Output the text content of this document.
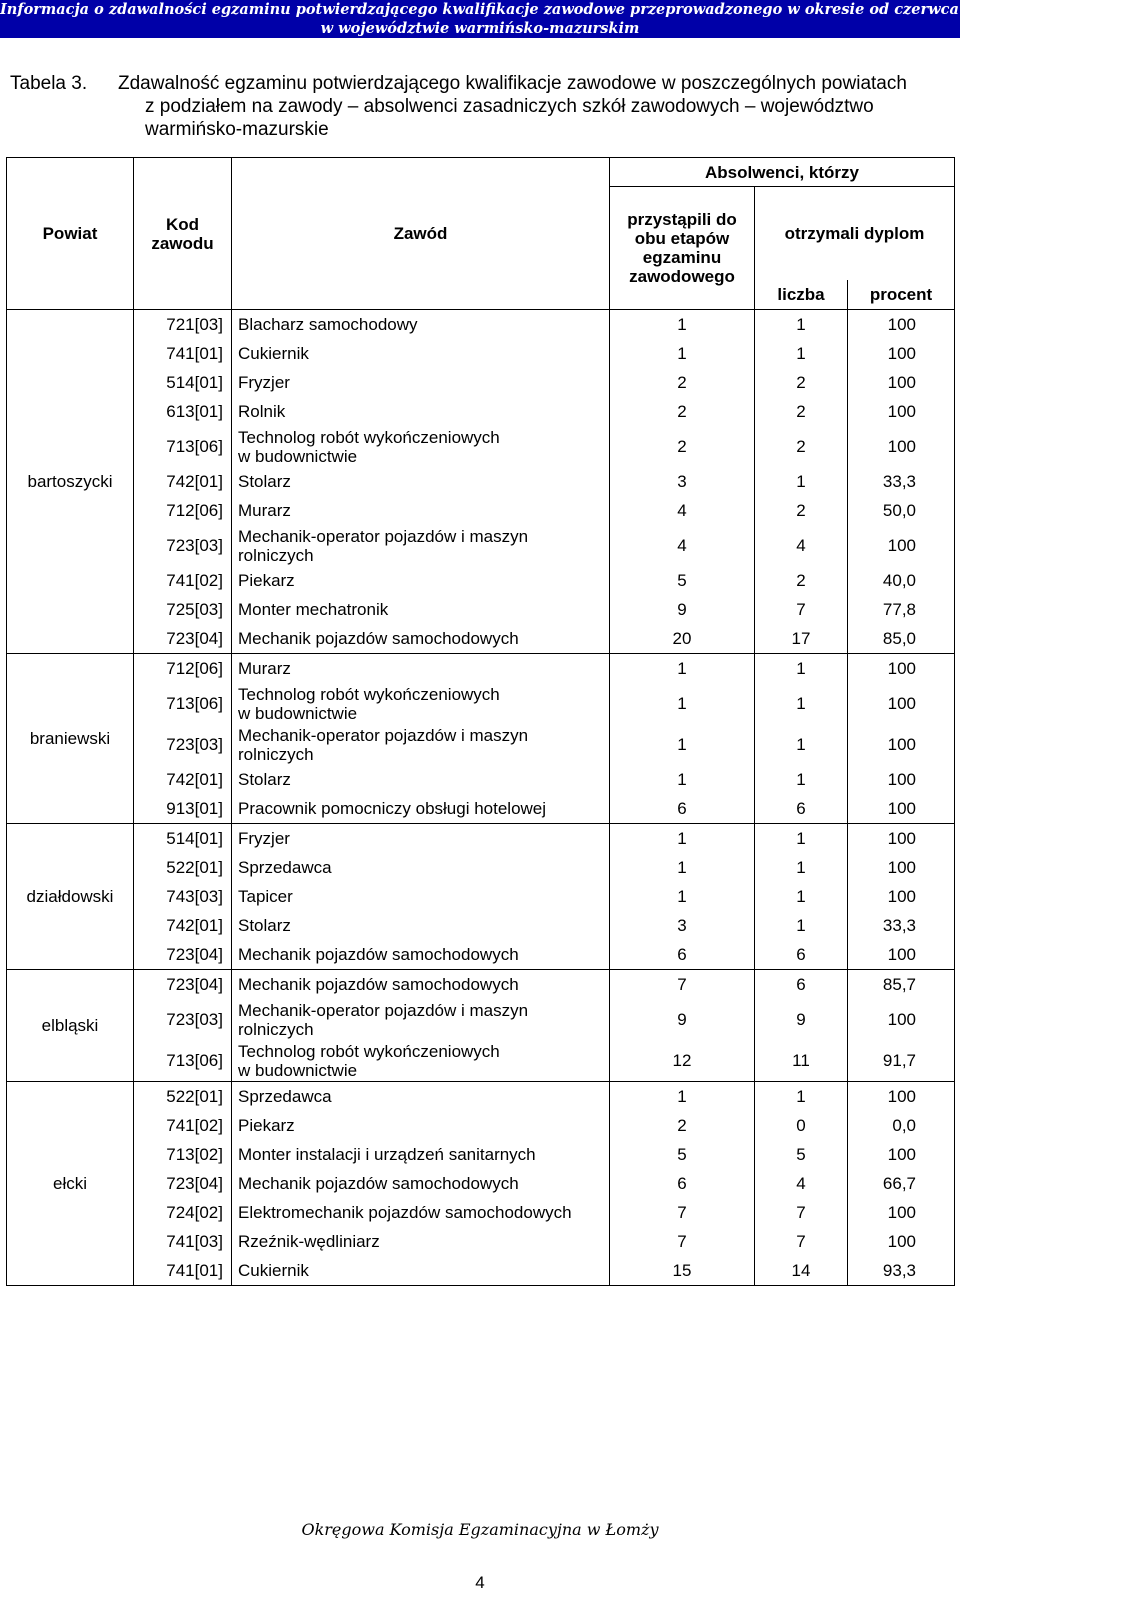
Informacja o zdawalności egzaminu potwierdzającego kwalifikacje zawodowe przeprowadzonego w okresie od czerwca do sierpnia 2014 roku
w województwie warmińsko-mazurskim
Tabela 3. Zdawalność egzaminu potwierdzającego kwalifikacje zawodowe w poszczególnych powiatach
z podziałem na zawody – absolwenci zasadniczych szkół zawodowych – województwo
warmińsko-mazurskie
Powiat	Kod zawodu	Zawód	Absolwenci, którzy		
			przystąpili do obu etapów egzaminu zawodowego	otrzymali dyplom	
				liczba	procent
bartoszycki	721[03]	Blacharz samochodowy	1	1	100
	741[01]	Cukiernik	1	1	100
	514[01]	Fryzjer	2	2	100
	613[01]	Rolnik	2	2	100
	713[06]	Technolog robót wykończeniowych
w budownictwie	2	2	100
	742[01]	Stolarz	3	1	33,3
	712[06]	Murarz	4	2	50,0
	723[03]	Mechanik-operator pojazdów i maszyn
rolniczych	4	4	100
	741[02]	Piekarz	5	2	40,0
	725[03]	Monter mechatronik	9	7	77,8
	723[04]	Mechanik pojazdów samochodowych	20	17	85,0
braniewski	712[06]	Murarz	1	1	100
	713[06]	Technolog robót wykończeniowych
w budownictwie	1	1	100
	723[03]	Mechanik-operator pojazdów i maszyn
rolniczych	1	1	100
	742[01]	Stolarz	1	1	100
	913[01]	Pracownik pomocniczy obsługi hotelowej	6	6	100
działdowski	514[01]	Fryzjer	1	1	100
	522[01]	Sprzedawca	1	1	100
	743[03]	Tapicer	1	1	100
	742[01]	Stolarz	3	1	33,3
	723[04]	Mechanik pojazdów samochodowych	6	6	100
elbląski	723[04]	Mechanik pojazdów samochodowych	7	6	85,7
	723[03]	Mechanik-operator pojazdów i maszyn
rolniczych	9	9	100
	713[06]	Technolog robót wykończeniowych
w budownictwie	12	11	91,7
ełcki	522[01]	Sprzedawca	1	1	100
	741[02]	Piekarz	2	0	0,0
	713[02]	Monter instalacji i urządzeń sanitarnych	5	5	100
	723[04]	Mechanik pojazdów samochodowych	6	4	66,7
	724[02]	Elektromechanik pojazdów samochodowych	7	7	100
	741[03]	Rzeźnik-wędliniarz	7	7	100
	741[01]	Cukiernik	15	14	93,3
Okręgowa Komisja Egzaminacyjna w Łomży
4
